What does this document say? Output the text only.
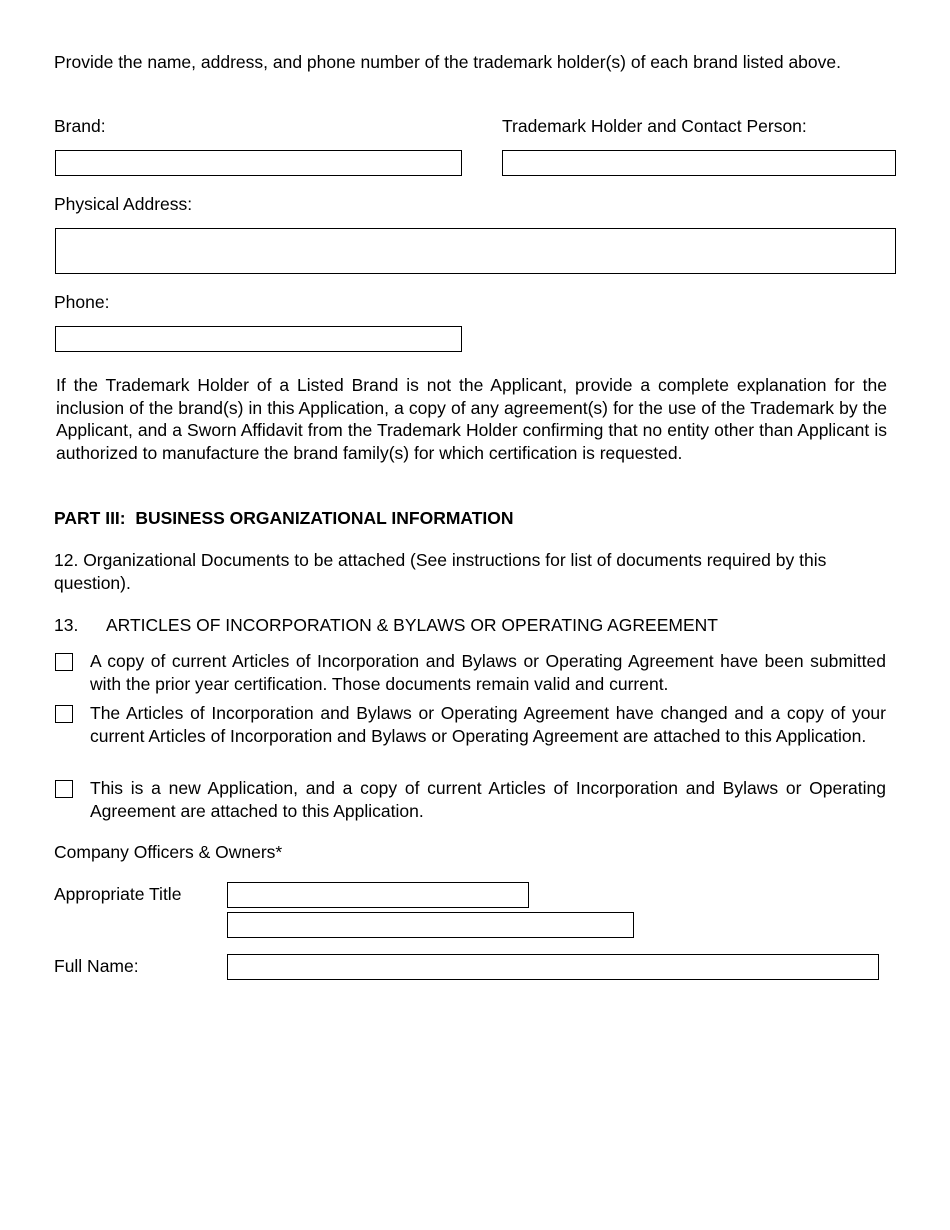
Provide the name, address, and phone number of the trademark holder(s) of each brand listed above.
Brand:	Trademark Holder and Contact Person:
Physical Address:
Phone:
If the Trademark Holder of a Listed Brand is not the Applicant, provide a complete explanation for the inclusion of the brand(s) in this Application, a copy of any agreement(s) for the use of the Trademark by the Applicant, and a Sworn Affidavit from the Trademark Holder confirming that no entity other than Applicant is authorized to manufacture the brand family(s) for which certification is requested.
PART III: BUSINESS ORGANIZATIONAL INFORMATION
12. Organizational Documents to be attached (See instructions for list of documents required by this question).
13. ARTICLES OF INCORPORATION & BYLAWS OR OPERATING AGREEMENT
A copy of current Articles of Incorporation and Bylaws or Operating Agreement have been submitted with the prior year certification. Those documents remain valid and current.
The Articles of Incorporation and Bylaws or Operating Agreement have changed and a copy of your current Articles of Incorporation and Bylaws or Operating Agreement are attached to this Application.
This is a new Application, and a copy of current Articles of Incorporation and Bylaws or Operating Agreement are attached to this Application.
Company Officers & Owners*
Appropriate Title
Full Name:
